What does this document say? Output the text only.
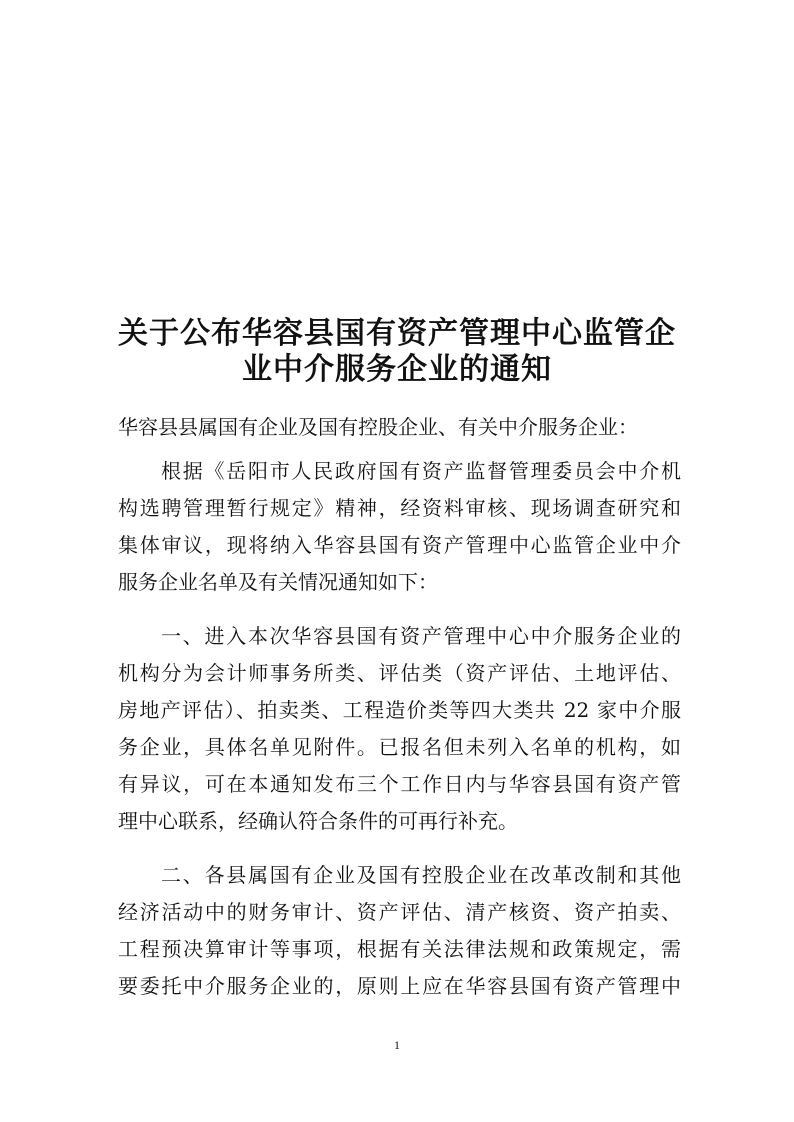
关于公布华容县国有资产管理中心监管企
业中介服务企业的通知

华容县县属国有企业及国有控股企业、有关中介服务企业：

根据《岳阳市人民政府国有资产监督管理委员会中介机

构选聘管理暂行规定》精神，经资料审核、现场调查研究和

集体审议，现将纳入华容县国有资产管理中心监管企业中介

服务企业名单及有关情况通知如下：

一、进入本次华容县国有资产管理中心中介服务企业的

机构分为会计师事务所类、评估类（资产评估、土地评估、

房地产评估）、拍卖类、工程造价类等四大类共 22 家中介服

务企业，具体名单见附件。已报名但未列入名单的机构，如

有异议，可在本通知发布三个工作日内与华容县国有资产管

理中心联系，经确认符合条件的可再行补充。

二、各县属国有企业及国有控股企业在改革改制和其他

经济活动中的财务审计、资产评估、清产核资、资产拍卖、

工程预决算审计等事项，根据有关法律法规和政策规定，需

要委托中介服务企业的，原则上应在华容县国有资产管理中

1
